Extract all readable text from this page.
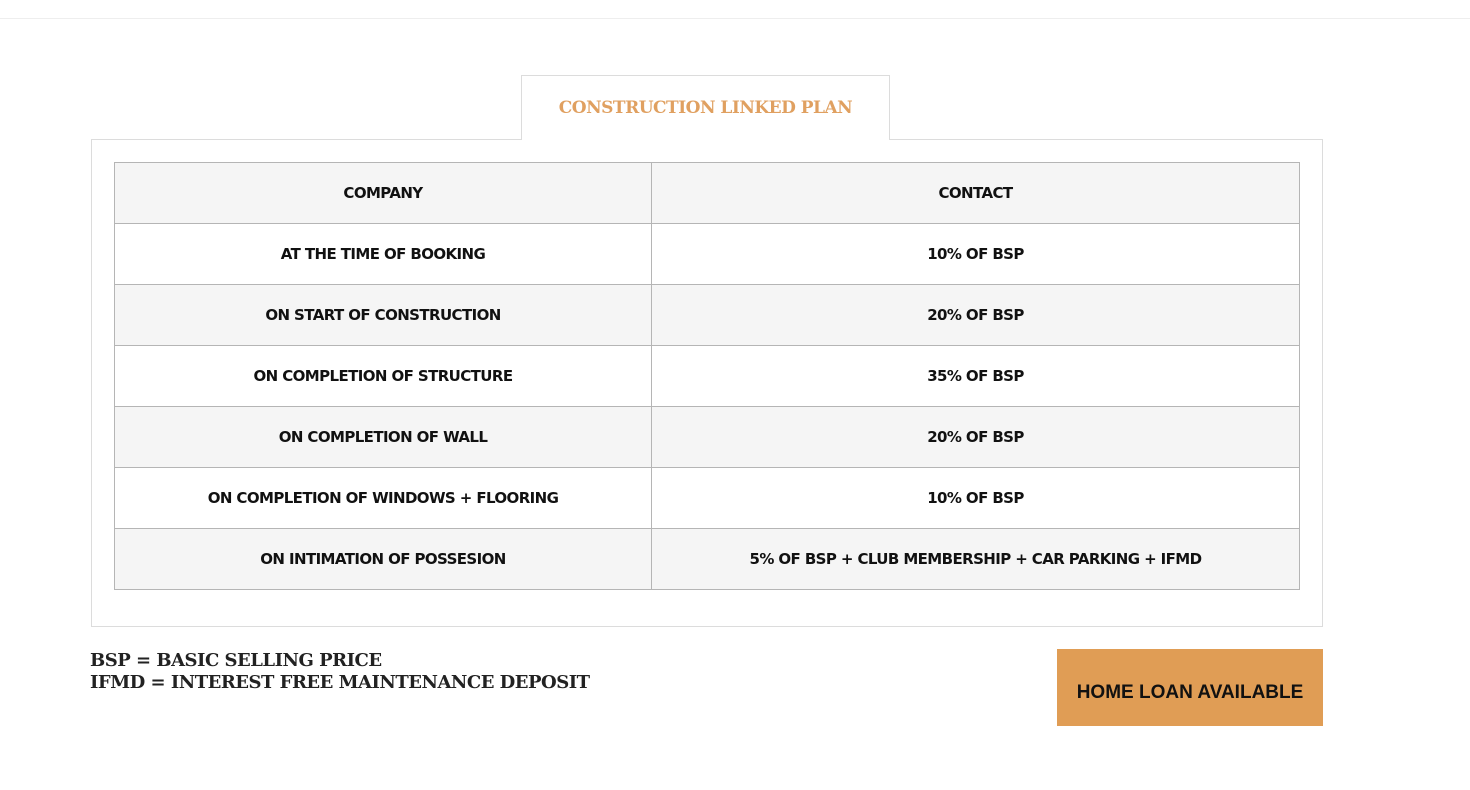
CONSTRUCTION LINKED PLAN
COMPANY	CONTACT
AT THE TIME OF BOOKING	10% OF BSP
ON START OF CONSTRUCTION	20% OF BSP
ON COMPLETION OF STRUCTURE	35% OF BSP
ON COMPLETION OF WALL	20% OF BSP
ON COMPLETION OF WINDOWS + FLOORING	10% OF BSP
ON INTIMATION OF POSSESION	5% OF BSP + CLUB MEMBERSHIP + CAR PARKING + IFMD
BSP = BASIC SELLING PRICE
IFMD = INTEREST FREE MAINTENANCE DEPOSIT	HOME LOAN AVAILABLE
